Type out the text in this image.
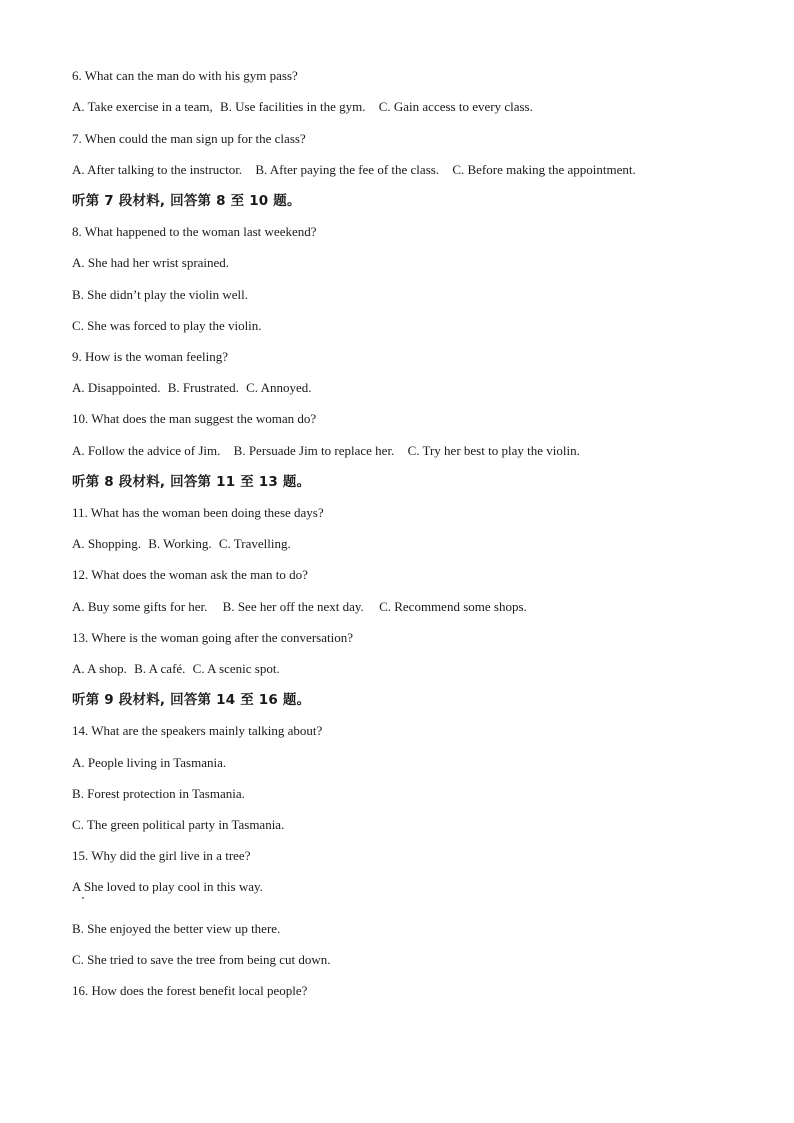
6. What can the man do with his gym pass?
A. Take exercise in a team, B. Use facilities in the gym. C. Gain access to every class.
7. When could the man sign up for the class?
A. After talking to the instructor. B. After paying the fee of the class. C. Before making the appointment.
听第 7 段材料, 回答第 8 至 10 题。
8. What happened to the woman last weekend?
A. She had her wrist sprained.
B. She didn’t play the violin well.
C. She was forced to play the violin.
9. How is the woman feeling?
A. Disappointed. B. Frustrated. C. Annoyed.
10. What does the man suggest the woman do?
A. Follow the advice of Jim. B. Persuade Jim to replace her. C. Try her best to play the violin.
听第 8 段材料, 回答第 11 至 13 题。
11. What has the woman been doing these days?
A. Shopping. B. Working. C. Travelling.
12. What does the woman ask the man to do?
A. Buy some gifts for her. B. See her off the next day. C. Recommend some shops.
13. Where is the woman going after the conversation?
A. A shop. B. A café. C. A scenic spot.
听第 9 段材料, 回答第 14 至 16 题。
14. What are the speakers mainly talking about?
A. People living in Tasmania.
B. Forest protection in Tasmania.
C. The green political party in Tasmania.
15. Why did the girl live in a tree?
A She loved to play cool in this way.
B. She enjoyed the better view up there.
C. She tried to save the tree from being cut down.
16. How does the forest benefit local people?
